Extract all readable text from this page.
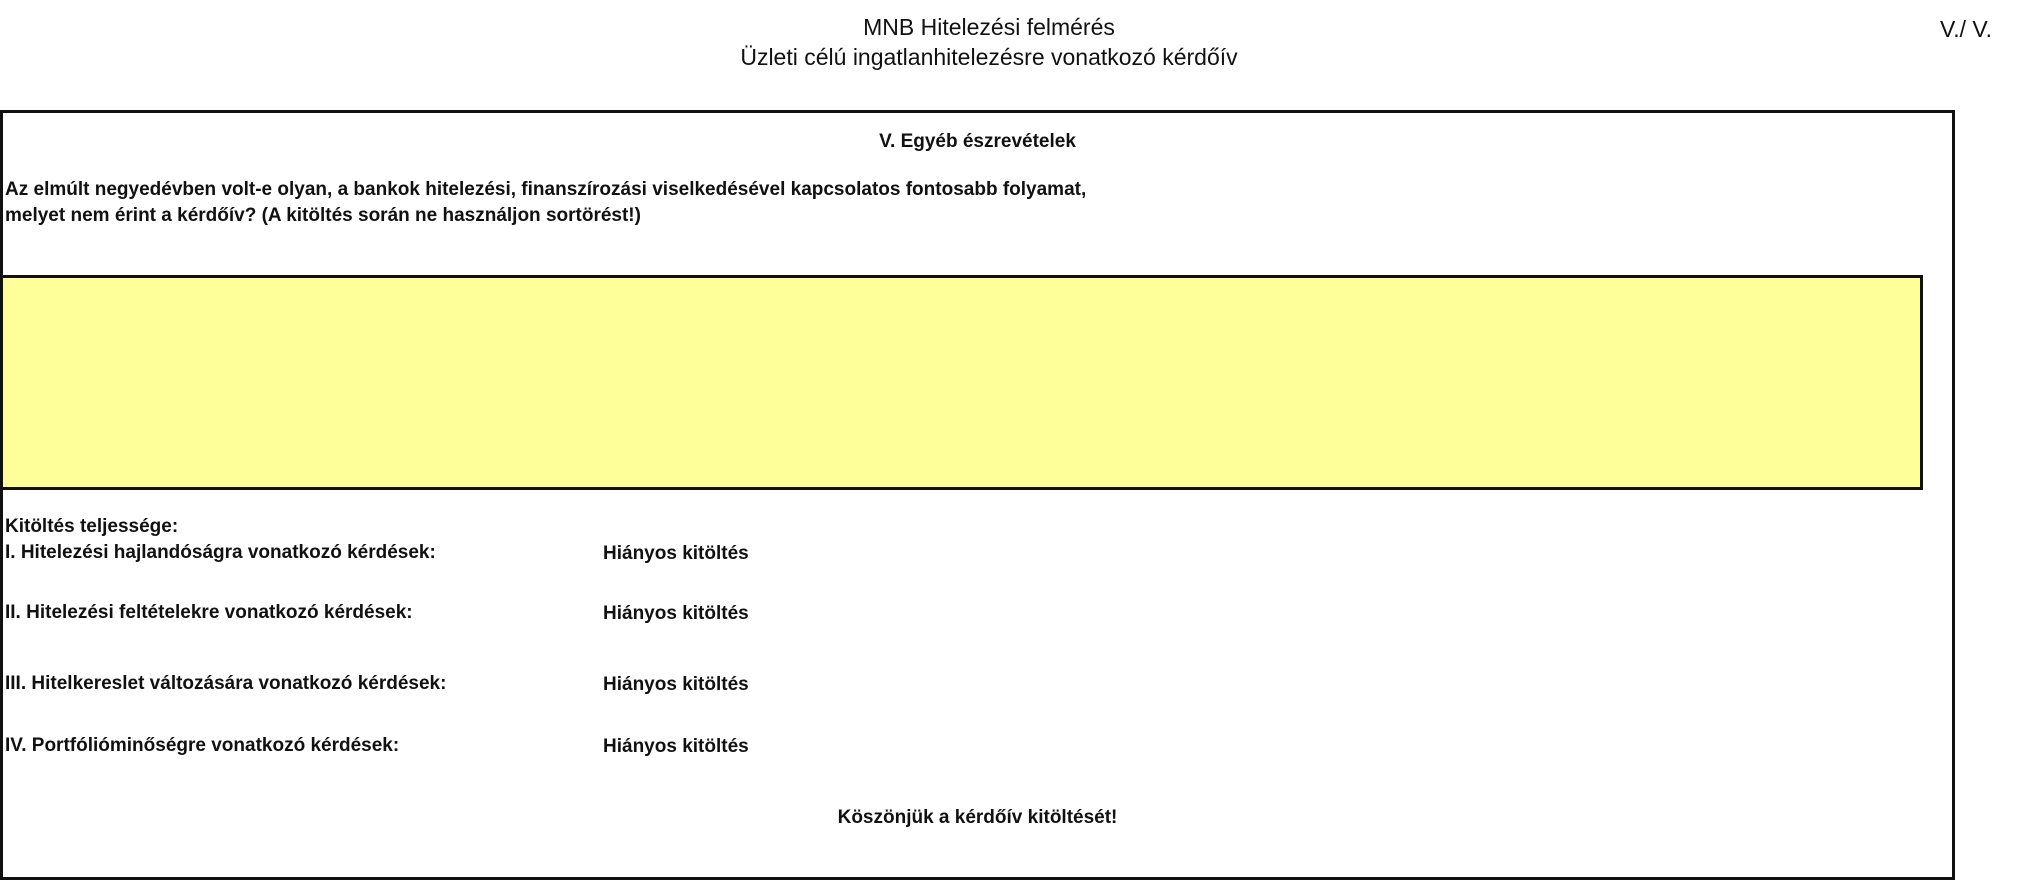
MNB Hitelezési felmérés
Üzleti célú ingatlanhitelezésre vonatkozó kérdőív
V./ V.
V. Egyéb észrevételek
Az elmúlt negyedévben volt-e olyan, a bankok hitelezési, finanszírozási viselkedésével kapcsolatos fontosabb folyamat,
melyet nem érint a kérdőív? (A kitöltés során ne használjon sortörést!)
Kitöltés teljessége:
I. Hitelezési hajlandóságra vonatkozó kérdések:	Hiányos kitöltés
II. Hitelezési feltételekre vonatkozó kérdések:	Hiányos kitöltés
III. Hitelkereslet változására vonatkozó kérdések:	Hiányos kitöltés
IV. Portfólióminőségre vonatkozó kérdések:	Hiányos kitöltés
Köszönjük a kérdőív kitöltését!
